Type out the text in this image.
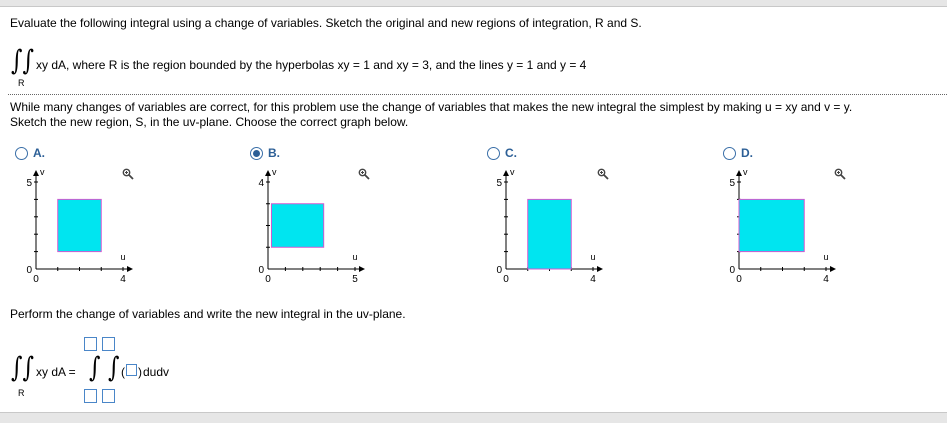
Evaluate the following integral using a change of variables. Sketch the original and new regions of integration, R and S.
∫∫ xy dA, where R is the region bounded by the hyperbolas xy = 1 and xy = 3, and the lines y = 1 and y = 4
R
While many changes of variables are correct, for this problem use the change of variables that makes the new integral the simplest by making u = xy and v = y.
Sketch the new region, S, in the uv-plane. Choose the correct graph below.
A.	B.	C.	D.
v
5
0
0	4
u
v
4
0
0	5
u
v
5
0
0	4
u
v
5
0
0	4
u
Perform the change of variables and write the new integral in the uv-plane.
∫∫ xy dA =
R
∫ ∫ ( ) dudv
